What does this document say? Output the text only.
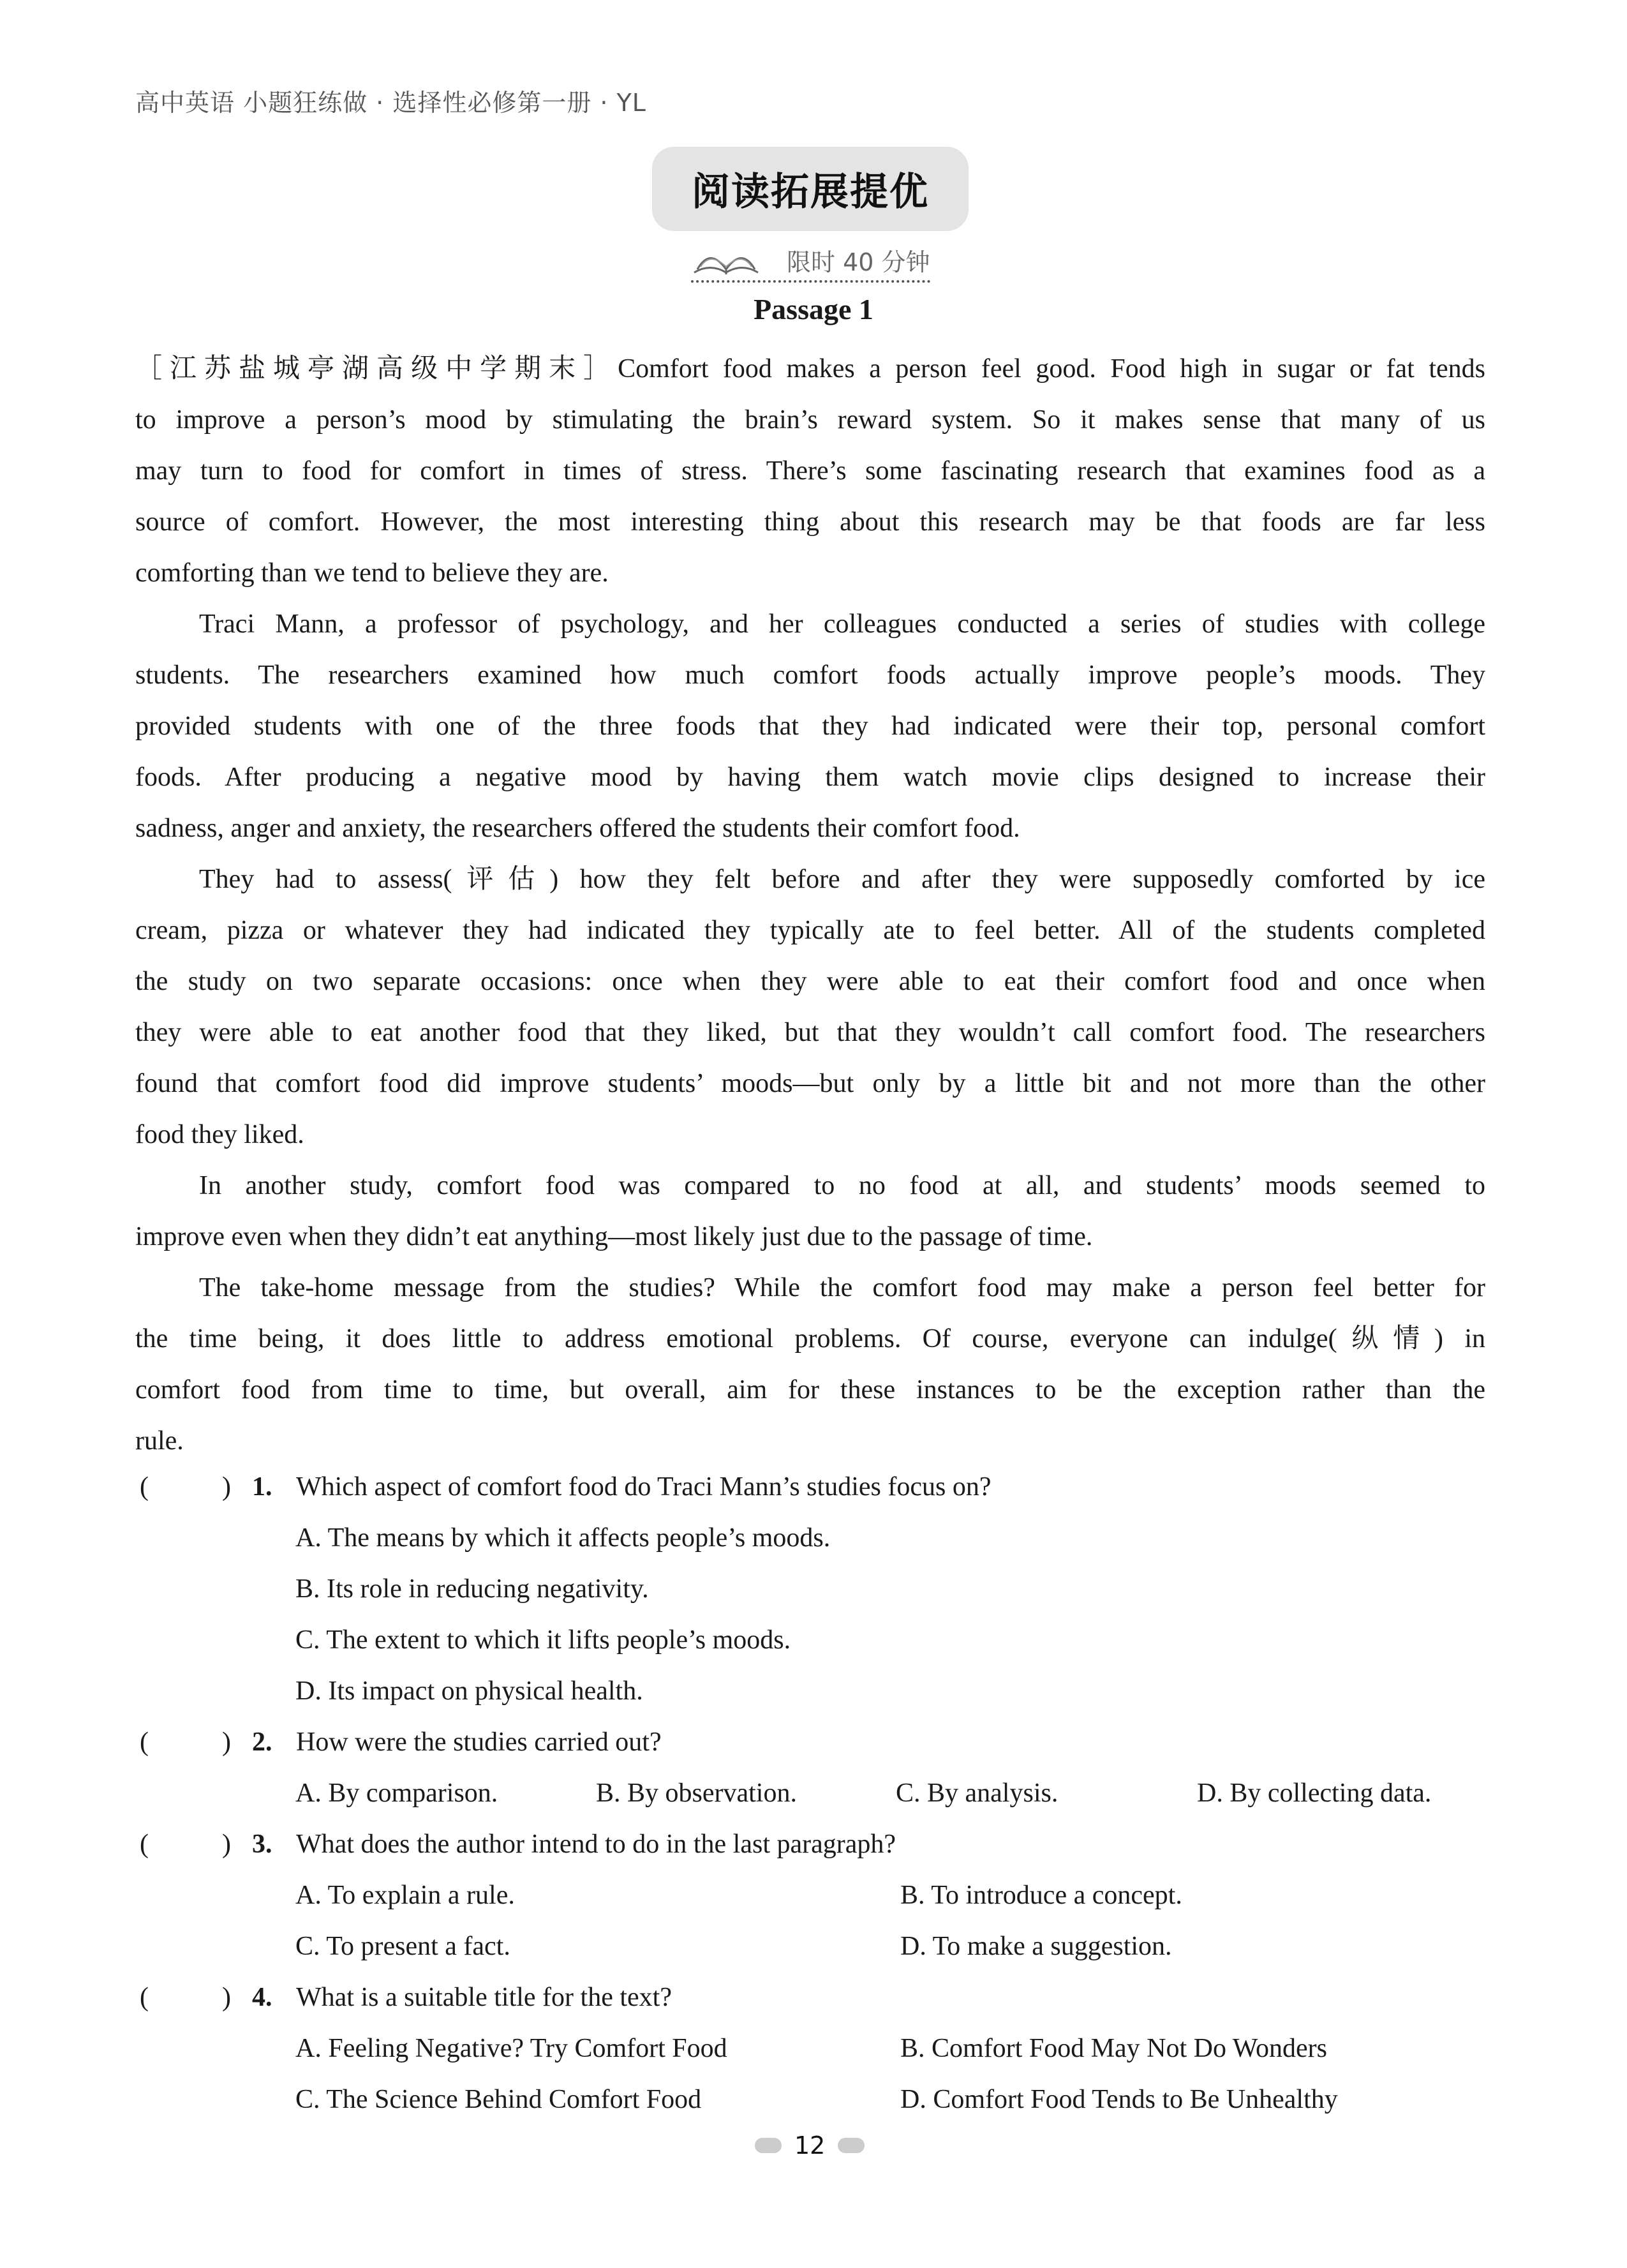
高中英语 小题狂练做 · 选择性必修第一册 · YL
阅读拓展提优
限时 40 分钟
Passage 1
［江苏盐城亭湖高级中学期末］Comfort food makes a person feel good. Food high in sugar or fat tends
to improve a person’s mood by stimulating the brain’s reward system. So it makes sense that many of us
may turn to food for comfort in times of stress. There’s some fascinating research that examines food as a
source of comfort. However, the most interesting thing about this research may be that foods are far less
comforting than we tend to believe they are.
Traci Mann, a professor of psychology, and her colleagues conducted a series of studies with college
students. The researchers examined how much comfort foods actually improve people’s moods. They
provided students with one of the three foods that they had indicated were their top, personal comfort
foods. After producing a negative mood by having them watch movie clips designed to increase their
sadness, anger and anxiety, the researchers offered the students their comfort food.
They had to assess(评估) how they felt before and after they were supposedly comforted by ice
cream, pizza or whatever they had indicated they typically ate to feel better. All of the students completed
the study on two separate occasions: once when they were able to eat their comfort food and once when
they were able to eat another food that they liked, but that they wouldn’t call comfort food. The researchers
found that comfort food did improve students’ moods—but only by a little bit and not more than the other
food they liked.
In another study, comfort food was compared to no food at all, and students’ moods seemed to
improve even when they didn’t eat anything—most likely just due to the passage of time.
The take-home message from the studies? While the comfort food may make a person feel better for
the time being, it does little to address emotional problems. Of course, everyone can indulge(纵情) in
comfort food from time to time, but overall, aim for these instances to be the exception rather than the
rule.
(	) 1. Which aspect of comfort food do Traci Mann’s studies focus on?
A. The means by which it affects people’s moods.
B. Its role in reducing negativity.
C. The extent to which it lifts people’s moods.
D. Its impact on physical health.
(	) 2. How were the studies carried out?
A. By comparison.	B. By observation.	C. By analysis.	D. By collecting data.
(	) 3. What does the author intend to do in the last paragraph?
A. To explain a rule.	B. To introduce a concept.
C. To present a fact.	D. To make a suggestion.
(	) 4. What is a suitable title for the text?
A. Feeling Negative? Try Comfort Food	B. Comfort Food May Not Do Wonders
C. The Science Behind Comfort Food	D. Comfort Food Tends to Be Unhealthy
12
